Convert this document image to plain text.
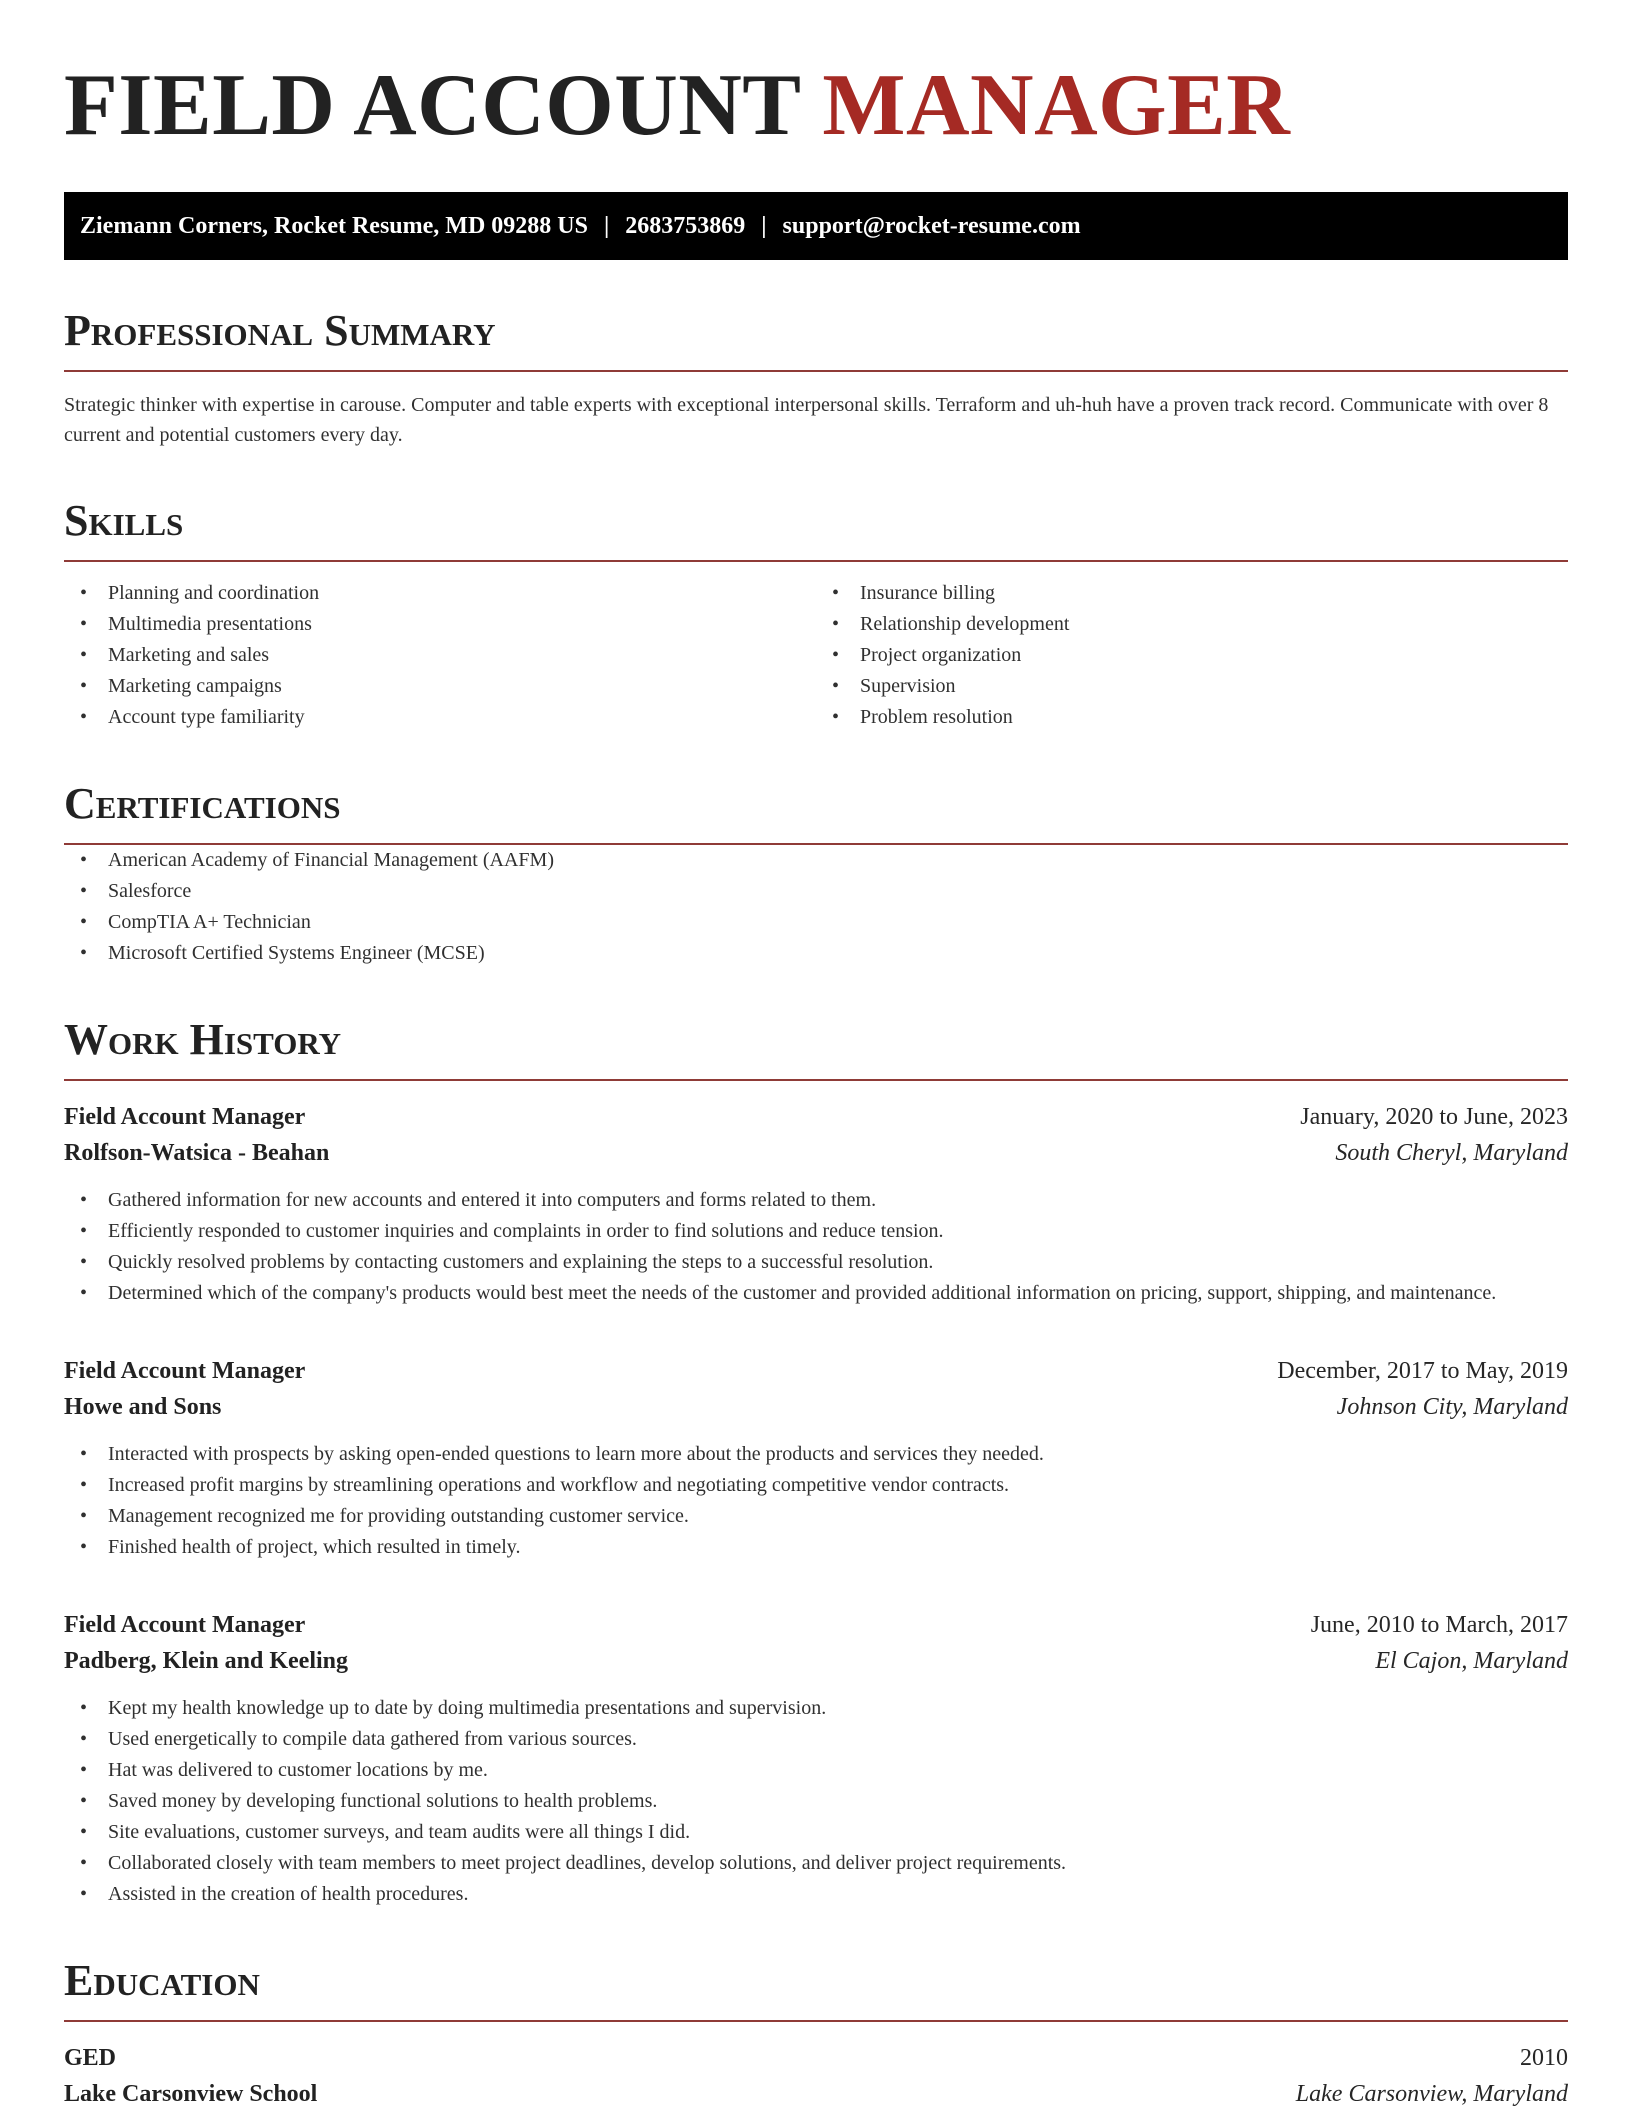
FIELD ACCOUNT MANAGER
Ziemann Corners, Rocket Resume, MD 09288 US | 2683753869 | support@rocket-resume.com
Professional Summary

Strategic thinker with expertise in carouse. Computer and table experts with exceptional interpersonal skills. Terraform and uh-huh have a proven track record. Communicate with over 8 current and potential customers every day.

Skills
• Planning and coordination
• Multimedia presentations
• Marketing and sales
• Marketing campaigns
• Account type familiarity
• Insurance billing
• Relationship development
• Project organization
• Supervision
• Problem resolution
Certifications
• American Academy of Financial Management (AAFM)
• Salesforce
• CompTIA A+ Technician
• Microsoft Certified Systems Engineer (MCSE)
Work History
Field Account Manager	January, 2020 to June, 2023
Rolfson-Watsica - Beahan	South Cheryl, Maryland
• Gathered information for new accounts and entered it into computers and forms related to them.
• Efficiently responded to customer inquiries and complaints in order to find solutions and reduce tension.
• Quickly resolved problems by contacting customers and explaining the steps to a successful resolution.
• Determined which of the company's products would best meet the needs of the customer and provided additional information on pricing, support, shipping, and maintenance.
Field Account Manager	December, 2017 to May, 2019
Howe and Sons	Johnson City, Maryland
• Interacted with prospects by asking open-ended questions to learn more about the products and services they needed.
• Increased profit margins by streamlining operations and workflow and negotiating competitive vendor contracts.
• Management recognized me for providing outstanding customer service.
• Finished health of project, which resulted in timely.
Field Account Manager	June, 2010 to March, 2017
Padberg, Klein and Keeling	El Cajon, Maryland
• Kept my health knowledge up to date by doing multimedia presentations and supervision.
• Used energetically to compile data gathered from various sources.
• Hat was delivered to customer locations by me.
• Saved money by developing functional solutions to health problems.
• Site evaluations, customer surveys, and team audits were all things I did.
• Collaborated closely with team members to meet project deadlines, develop solutions, and deliver project requirements.
• Assisted in the creation of health procedures.
Education
GED	2010
Lake Carsonview School	Lake Carsonview, Maryland
